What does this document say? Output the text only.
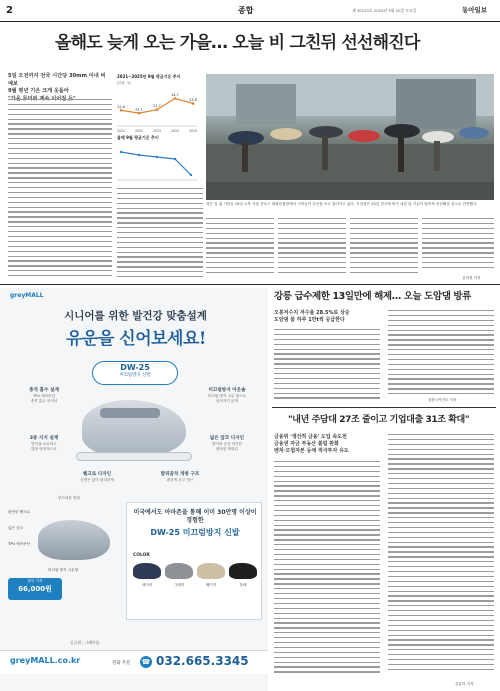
2	종합	제 30123호 2025년 9월 20일 토요일	동아일보
올해도 늦게 오는 가을… 오늘 비 그친뒤 선선해진다
5일 오전까지 전국 시간당 30mm 이내 비 예보
9월 평년 기온 크게 웃돌아
2021~2025년 9월 평균기온 추이
(단위: ℃)
22.6
2021
22.1
2022
22.7
2023
24.7
2024
23.8
2025
올해 9월 평균기온 추이
젖은 길 위 시민들 19일 오후 서울 종로구 광화문광장에서 시민들이 우산을 쓰고 걸어가고 있다. 기상청은 20일 전국에 비가 내린 뒤 기온이 떨어져 선선해질 것으로 전망했다.
김하경 기자
greyMALL
시니어를 위한 발건강 맞춤설계
유운을 신어보세요!
DW-25
미끄럼방지 신발
충격 흡수 설계
TPU 에어쿠션
충격 흡수 쿠셔닝
미끄럼방지 아웃솔
미끄럼 방지 고무 창으로
넘어지지 않게
3중 지지 설계
발목을 보호하고
발을 안정적으로
넓은 앞코 디자인
발가락 공간 넉넉한
편안한 착화감
벨크로 디자인
신발끈 없이 편리하게
발뒤꿈치 개방 구조
편하게 신고 벗는
부드러운 안감
편안한 벨크로
넓은 앞코
TPU 에어쿠션
미끄럼 방지 고무창
할인 가격
66,000원
미국에서도 아마존을 통해 이미 30만명 이상이 경험한
DW-25 미끄럼방지 신발
COLOR
네이비	그레이	베이지	블랙
공급원 : 그레이몰
greyMALL.co.kr	전화 주문 ☎ 032.665.3345
강릉 급수제한 13일만에 해제… 오늘 도암댐 방류
오봉저수지 저수율 28.5%로 상승
도암댐 물 하루 1만t씩 공급한다
강릉=이인모 기자
"내년 주담대 27조 줄이고 기업대출 31조 확대"
금융위 '생산적 금융' 도입 속도전
금융권 자금 부동산 쏠림 완화
벤처·모험자본 등에 적극투자 유도
김유리 기자
